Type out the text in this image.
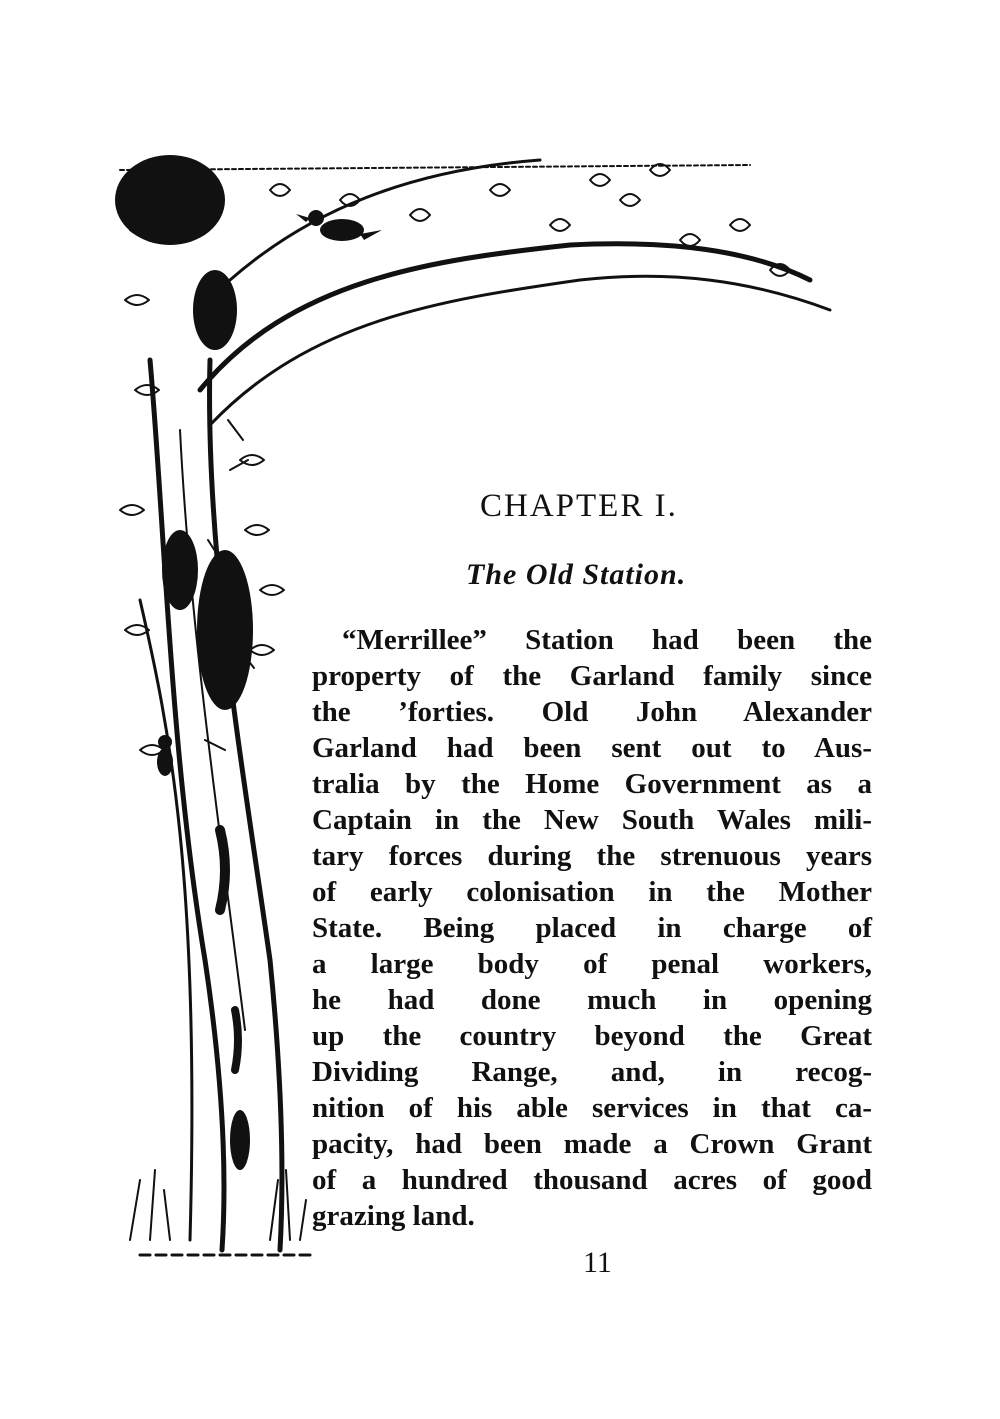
CHAPTER I.
The Old Station.

“Merrillee” Station had been the
property of the Garland family since
the ’forties. Old John Alexander
Garland had been sent out to Aus-
tralia by the Home Government as a
Captain in the New South Wales mili-
tary forces during the strenuous years
of early colonisation in the Mother
State. Being placed in charge of
a large body of penal workers,
he had done much in opening
up the country beyond the Great
Dividing Range, and, in recog-
nition of his able services in that ca-
pacity, had been made a Crown Grant
of a hundred thousand acres of good
grazing land.

11
